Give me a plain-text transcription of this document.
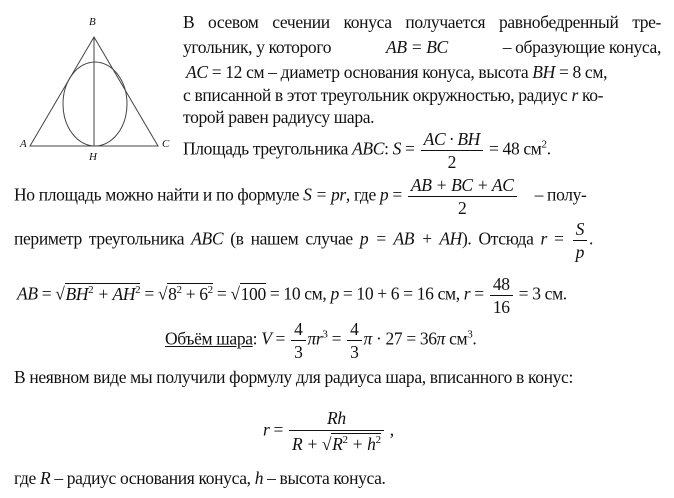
B
A	C
H
В осевом сечении конуса получается равнобедренный тре-
угольник, у которого	AB = BC	– образующие конуса,
AC = 12 см – диаметр основания конуса, высота BH = 8 см,
с вписанной в этот треугольник окружностью, радиус r ко-
торой равен радиусу шара.
Площадь треугольника ABC: $S = \frac{AC \cdot BH}{2} = 48$ $см^2$.
Но площадь можно найти и по формуле S = pr, где $p = \frac{AB + BC + AC}{2}$ – полу-
периметр треугольника ABC (в нашем случае p = AB + AH). Отсюда $r = \frac{S}{p}$ .
AB = $√BH^2 + AH^2 = √8^2 + 6^2 = √100 = 10$ см, p = 10 + 6 = 16 см, $r = \frac{48}{16} = 3$ см.
Объём шара: $V = \frac{4}{3} \pi r^3 = \frac{4}{3}$ π · 27 = 36π $см^3$.
В неявном виде мы получили формулу для радиуса шара, вписанного в конус:
$r = \frac{Rh}{R + √R^2 + h^2}$ ,
где R – радиус основания конуса, h – высота конуса.
